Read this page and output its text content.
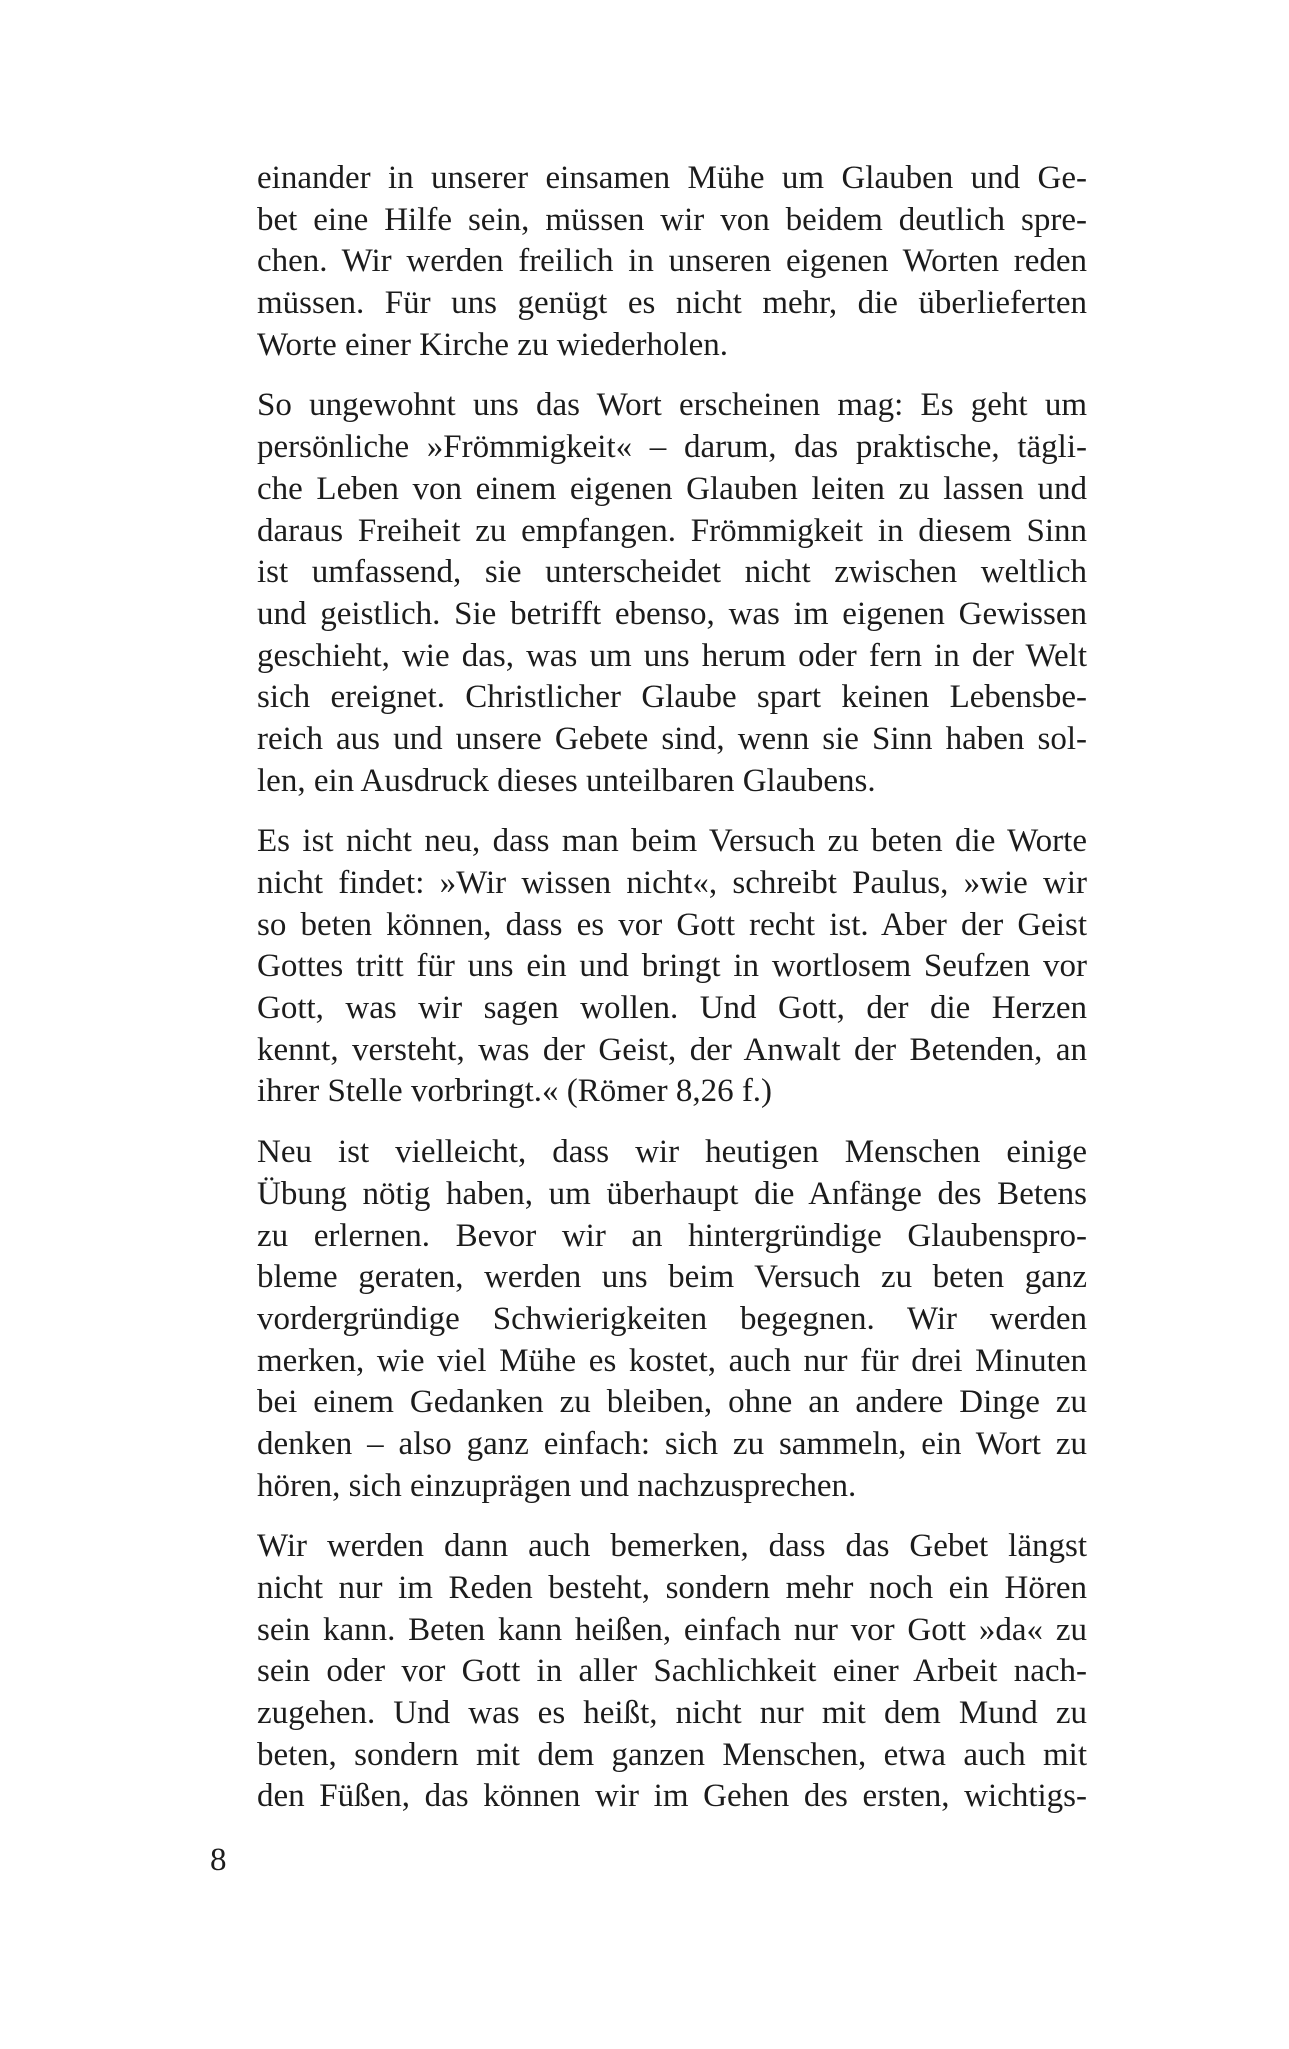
einander in unserer einsamen Mühe um Glauben und Ge-
bet eine Hilfe sein, müssen wir von beidem deutlich spre-
chen. Wir werden freilich in unseren eigenen Worten reden
müssen. Für uns genügt es nicht mehr, die überlieferten
Worte einer Kirche zu wiederholen.

So ungewohnt uns das Wort erscheinen mag: Es geht um
persönliche »Frömmigkeit« – darum, das praktische, tägli-
che Leben von einem eigenen Glauben leiten zu lassen und
daraus Freiheit zu empfangen. Frömmigkeit in diesem Sinn
ist umfassend, sie unterscheidet nicht zwischen weltlich
und geistlich. Sie betrifft ebenso, was im eigenen Gewissen
geschieht, wie das, was um uns herum oder fern in der Welt
sich ereignet. Christlicher Glaube spart keinen Lebensbe-
reich aus und unsere Gebete sind, wenn sie Sinn haben sol-
len, ein Ausdruck dieses unteilbaren Glaubens.

Es ist nicht neu, dass man beim Versuch zu beten die Worte
nicht findet: »Wir wissen nicht«, schreibt Paulus, »wie wir
so beten können, dass es vor Gott recht ist. Aber der Geist
Gottes tritt für uns ein und bringt in wortlosem Seufzen vor
Gott, was wir sagen wollen. Und Gott, der die Herzen
kennt, versteht, was der Geist, der Anwalt der Betenden, an
ihrer Stelle vorbringt.« (Römer 8,26 f.)

Neu ist vielleicht, dass wir heutigen Menschen einige
Übung nötig haben, um überhaupt die Anfänge des Betens
zu erlernen. Bevor wir an hintergründige Glaubenspro-
bleme geraten, werden uns beim Versuch zu beten ganz
vordergründige Schwierigkeiten begegnen. Wir werden
merken, wie viel Mühe es kostet, auch nur für drei Minuten
bei einem Gedanken zu bleiben, ohne an andere Dinge zu
denken – also ganz einfach: sich zu sammeln, ein Wort zu
hören, sich einzuprägen und nachzusprechen.

Wir werden dann auch bemerken, dass das Gebet längst
nicht nur im Reden besteht, sondern mehr noch ein Hören
sein kann. Beten kann heißen, einfach nur vor Gott »da« zu
sein oder vor Gott in aller Sachlichkeit einer Arbeit nach-
zugehen. Und was es heißt, nicht nur mit dem Mund zu
beten, sondern mit dem ganzen Menschen, etwa auch mit
den Füßen, das können wir im Gehen des ersten, wichtigs-

8
